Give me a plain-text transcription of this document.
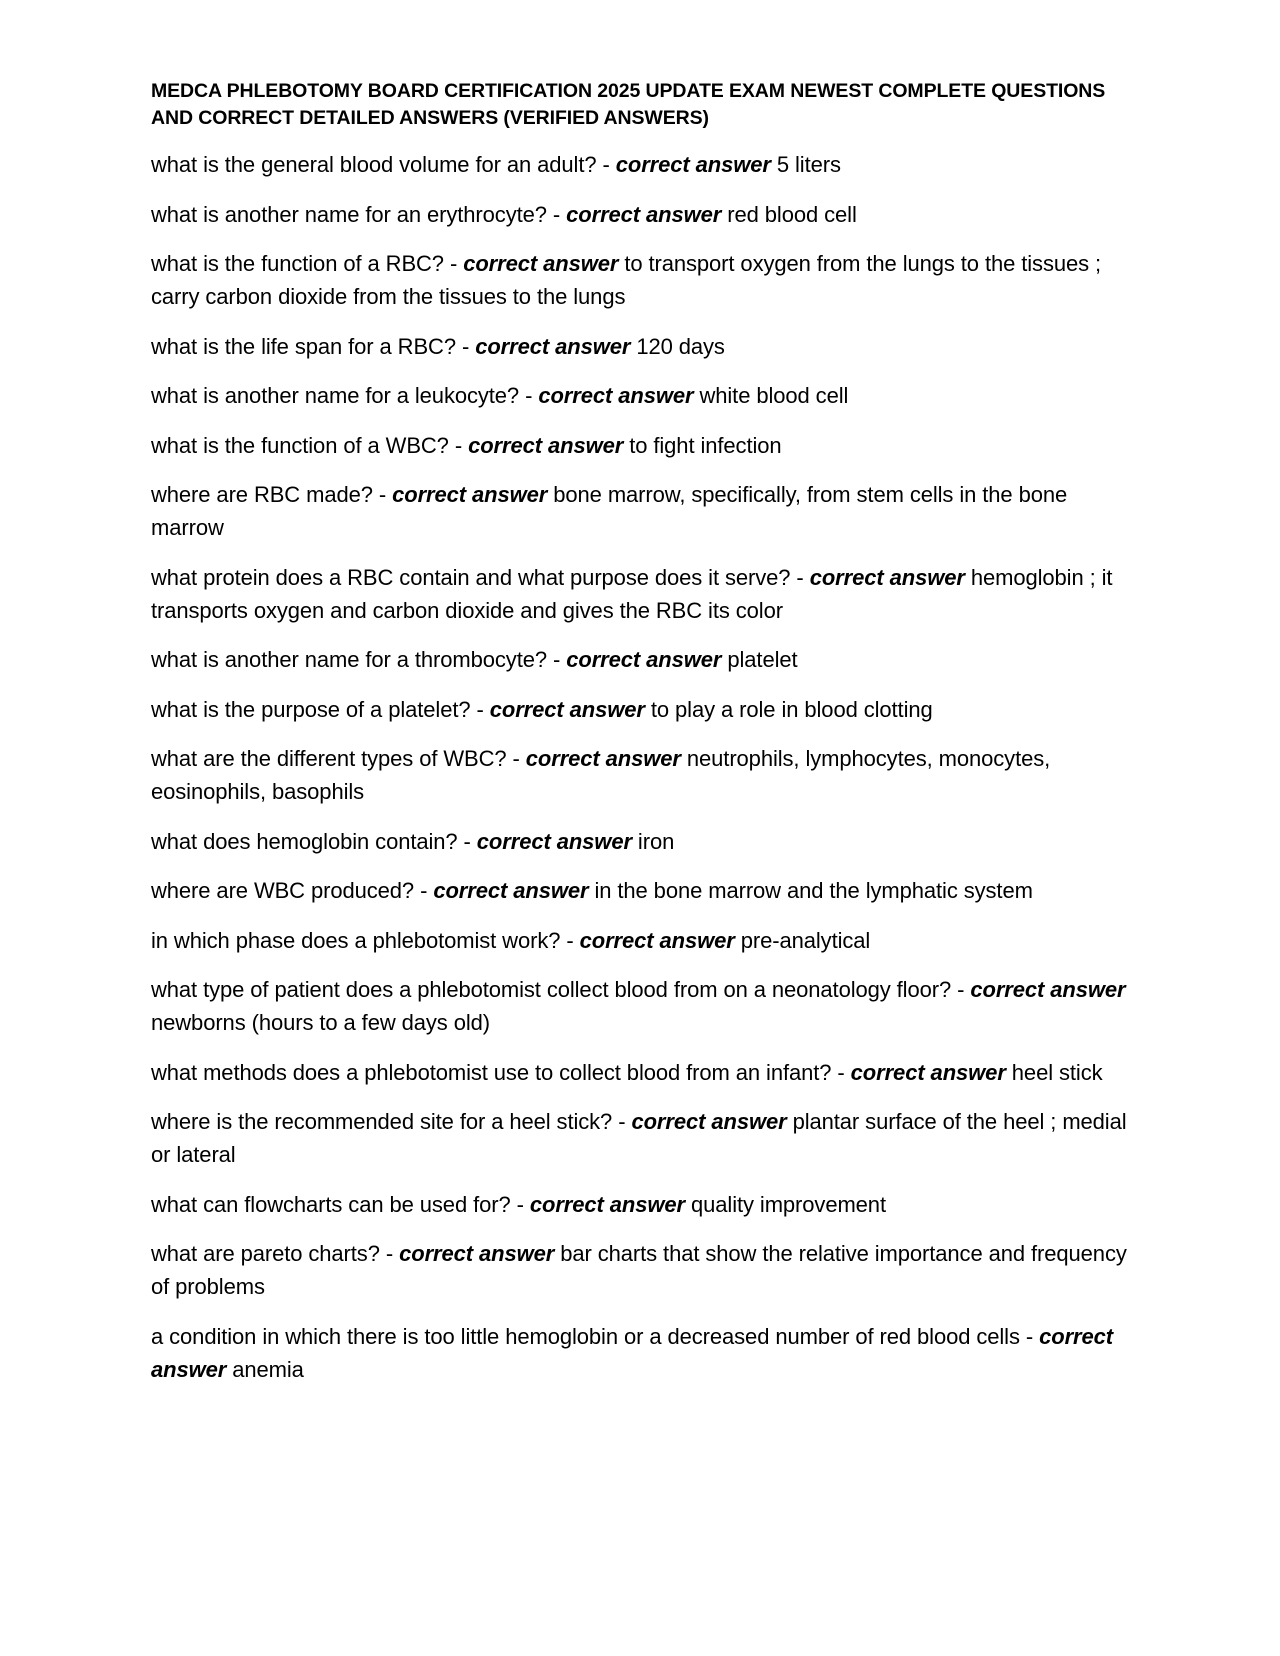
MEDCA PHLEBOTOMY BOARD CERTIFICATION 2025 UPDATE EXAM NEWEST COMPLETE QUESTIONS AND CORRECT DETAILED ANSWERS (VERIFIED ANSWERS)

what is the general blood volume for an adult? - correct answer 5 liters

what is another name for an erythrocyte? - correct answer red blood cell

what is the function of a RBC? - correct answer to transport oxygen from the lungs to the tissues ; carry carbon dioxide from the tissues to the lungs

what is the life span for a RBC? - correct answer 120 days

what is another name for a leukocyte? - correct answer white blood cell

what is the function of a WBC? - correct answer to fight infection

where are RBC made? - correct answer bone marrow, specifically, from stem cells in the bone marrow

what protein does a RBC contain and what purpose does it serve? - correct answer hemoglobin ; it transports oxygen and carbon dioxide and gives the RBC its color

what is another name for a thrombocyte? - correct answer platelet

what is the purpose of a platelet? - correct answer to play a role in blood clotting

what are the different types of WBC? - correct answer neutrophils, lymphocytes, monocytes, eosinophils, basophils

what does hemoglobin contain? - correct answer iron

where are WBC produced? - correct answer in the bone marrow and the lymphatic system

in which phase does a phlebotomist work? - correct answer pre-analytical

what type of patient does a phlebotomist collect blood from on a neonatology floor? - correct answer newborns (hours to a few days old)

what methods does a phlebotomist use to collect blood from an infant? - correct answer heel stick

where is the recommended site for a heel stick? - correct answer plantar surface of the heel ; medial or lateral

what can flowcharts can be used for? - correct answer quality improvement

what are pareto charts? - correct answer bar charts that show the relative importance and frequency of problems

a condition in which there is too little hemoglobin or a decreased number of red blood cells - correct answer anemia
